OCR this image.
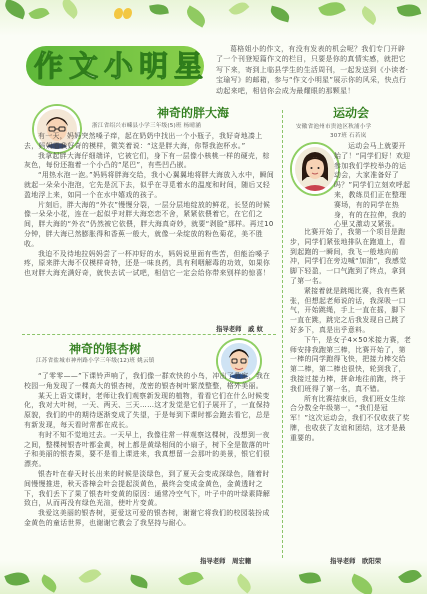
作文小明星	葛格姐小的作文，有没有发表的机会呢？我们专门开辟了一个刊登短篇作文的栏目，只要是你的真情实感，就把它写下来，寄到上临县学生的生活周刊，一起发送到《小读者·宝瑜写》的邮箱，参与“作文小明星”展示你的风采，快点行动起来吧，相信你会成为最耀眼的那颗星！
神奇的胖大海
浙江省绍兴市嵊县小学三年级(5)班 杨晴涵

有一天，妈妈突然嗓子痒，起在奶奶中找出一个小瓶子，我好奇地凑上去，妈妈看我好奇的模样，微笑着说：“这是胖大海，你帮我泡杯水。”

我拿起胖大海仔细端详，它被它们，身下有一层像小核桃一样的硬壳，棕灰色，每份还拖着一个小凸的“尾巴”，有些凹凸嵌。

“用热水泡一泡。”妈妈将胖海交给，我小心翼翼地将胖大海放入水中，瞬间就起一朵朵小泡泡，它先是沉下去，似乎在寻觅着水的温度和时间，随后又轻盈地浮上来，如同一个在水中嬉戏的孩子。

片刻后，胖大海的“外衣”慢慢分裂，一层分层地绽放的鲜花，长竖的时候像一朵朵小花，连在一起似乎对胖大海恋恋不舍，紧紧依偎着它，在它们之间，胖大海的“外衣”仍然被它依偎，胖大海真奇妙，就要“剥脸”那样。再过10分钟，胖大海已然膨胀得和香蕉一般大，就像一朵绽放的粉色菊花，美不胜收。

我迫不及待地拉妈妈尝了一杯冲好的水，妈妈说里面有些苦，但能治嗓子疼，原来胖大海不仅模样奇特，还是一味良药，具有利咽解毒的功效，如果你也对胖大海充满好奇，就快去试一试吧，相信它一定会给你带来别样的惊喜！

指导老师　戚 蚊
神奇的银杏树
江苏省盐城市神州路小学三年级(12)班 姚云镇

“了零零——”下课铃声响了，我们像一群欢快的小鸟，冲出了教室，我在校园一角发现了一棵高大的银杏树，茂密的银杏树叶繁茂整整，格外美丽。

某天上语文课时，老师让我们观察新发现的植物，看看它们在什么时候变化，我对大叶树，一天、两天、三天……这才发觉是它们子展开了，一直保持原貌，我们的中的期待逐渐变成了失望，于是每到下课时都会跑去看它，总是有新发现，每天看时常都在成长。

有时不知不觉地过去。一天早上，我像往常一样观察这棵树，没想到一夜之间，整棵树银杏叶都金黄，树上都是黄绿相间的小扇子，树下全是散落的叶子和美丽的银杏果，要不是看上课进来，我真想留一会那叶的美景，银它们很漂亮。

银杏叶在春天时长出来的时候是淡绿色，到了夏天会变成深绿色，随着时间慢慢推进，秋天香樟会叶会提起淡黄色，最终会变成金黄色，金黄透时之下，我们丢下了果了银杏叶变黄的原因：通常冷空气下，叶子中的叶绿素降解致白，从而再没有绿色光渲，使叶片变黄。

我爱这美丽的银杏树，更爱这可爱的银杏树，谢谢它将我们的校园装扮成金黄色的童话世界，也谢谢它教会了我坚持与耐心。

指导老师　周宏籍
运动会
安徽省池州市贵池区秋浦小学
307班 石若岚

运动会马上就要开始了！“同学们好！欢迎参加我们学校举办的运动会，大家准备好了吗？”同学们立刻欢呼起来，教练员们正在整理赛场，有的同学在热身，有的在拉伸，我的心里又激动又紧张。

比赛开始了，我第一个项目是跑步，同学们紧张地排队在跑道上，看到起跑的一瞬间，我飞一般地向前冲，同学们在旁边喊“加油”，我感觉脚下轻盈，一口气跑到了终点，拿到了第一名。

紧接着就是跳绳比赛，我有些紧张，但想起老师说的话，我深吸一口气，开始跳绳，手上一直在摇，脚下一直在跳，跳完之后我发现自己跳了好多下，真是出乎意料。

下午，是女子4×50米接力赛，老师安排我跑第三棒，比赛开始了，第一棒的同学跑得飞快，把接力棒交给第二棒，第二棒也很快，轮到我了，我接过接力棒，拼命地往前跑，终于我们班得了第一名，真不错。

所有比赛结束后，我们班女生综合分数全年级第一，“我们是冠军！”这次运动会，我们不仅收获了奖牌，也收获了友谊和团结，这才是最重要的。

指导老师　欧阳荣
